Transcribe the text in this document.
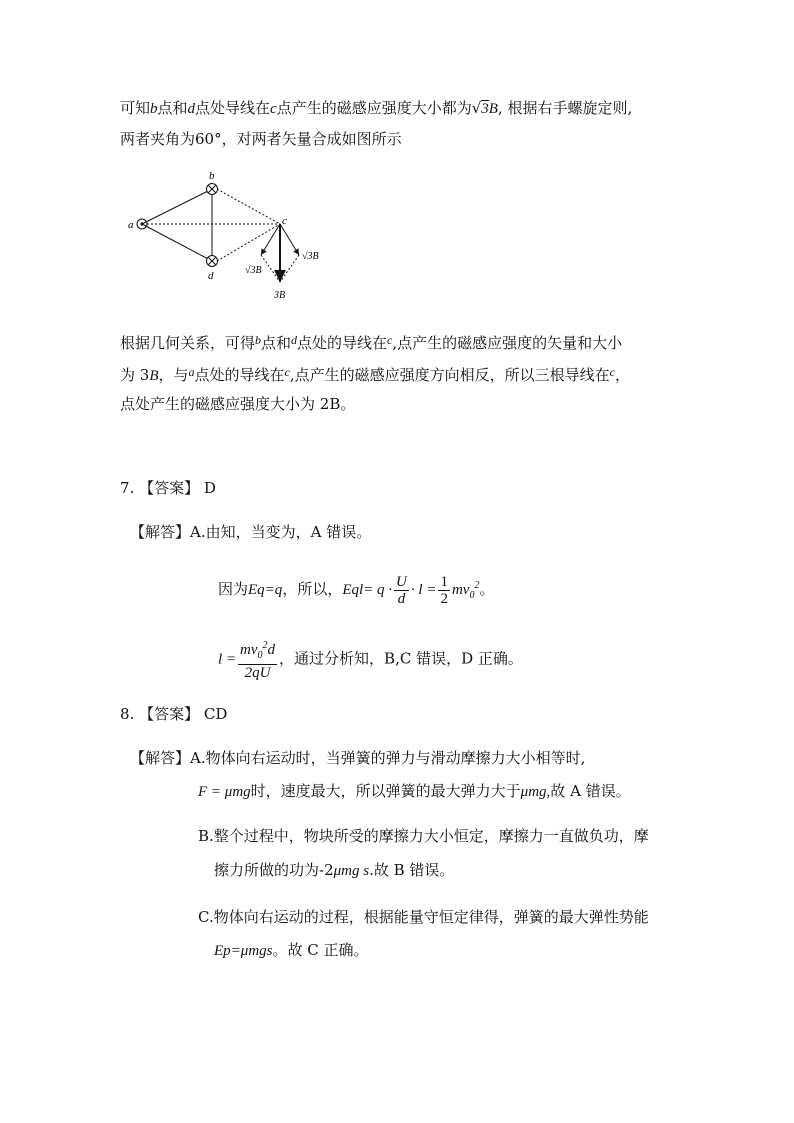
可知b点和d点处导线在c点产生的磁感应强度大小都为√3B, 根据右手螺旋定则,
两者夹角为60°，对两者矢量合成如图所示
a
b
c
d	√3B
√3B
3B
根据几何关系，可得$^b$点和$^d$点处的导线在$^c$,点产生的磁感应强度的矢量和大小
为 3B，与$^a$点处的导线在$^c$,点产生的磁感应强度方向相反，所以三根导线在$^c$，
点处产生的磁感应强度大小为 2B。
7. 【答案】 D
【解答】A.由知，当变为，A 错误。
因为Eq=q，所以，$Eql= q \cdot \frac{U}{d} \cdot l = \frac{1}{2} mv_0^2$。
$l = \frac{mv_0^2d}{2qU}$ ，通过分析知，B,C 错误，D 正确。
8. 【答案】 CD
【解答】A.物体向右运动时，当弹簧的弹力与滑动摩擦力大小相等时,
F = μmg时，速度最大，所以弹簧的最大弹力大于μmg,故 A 错误。
B.整个过程中，物块所受的摩擦力大小恒定，摩擦力一直做负功，摩
擦力所做的功为-2μmg s.故 B 错误。
C.物体向右运动的过程，根据能量守恒定律得，弹簧的最大弹性势能
Ep=μmgs。故 C 正确。
